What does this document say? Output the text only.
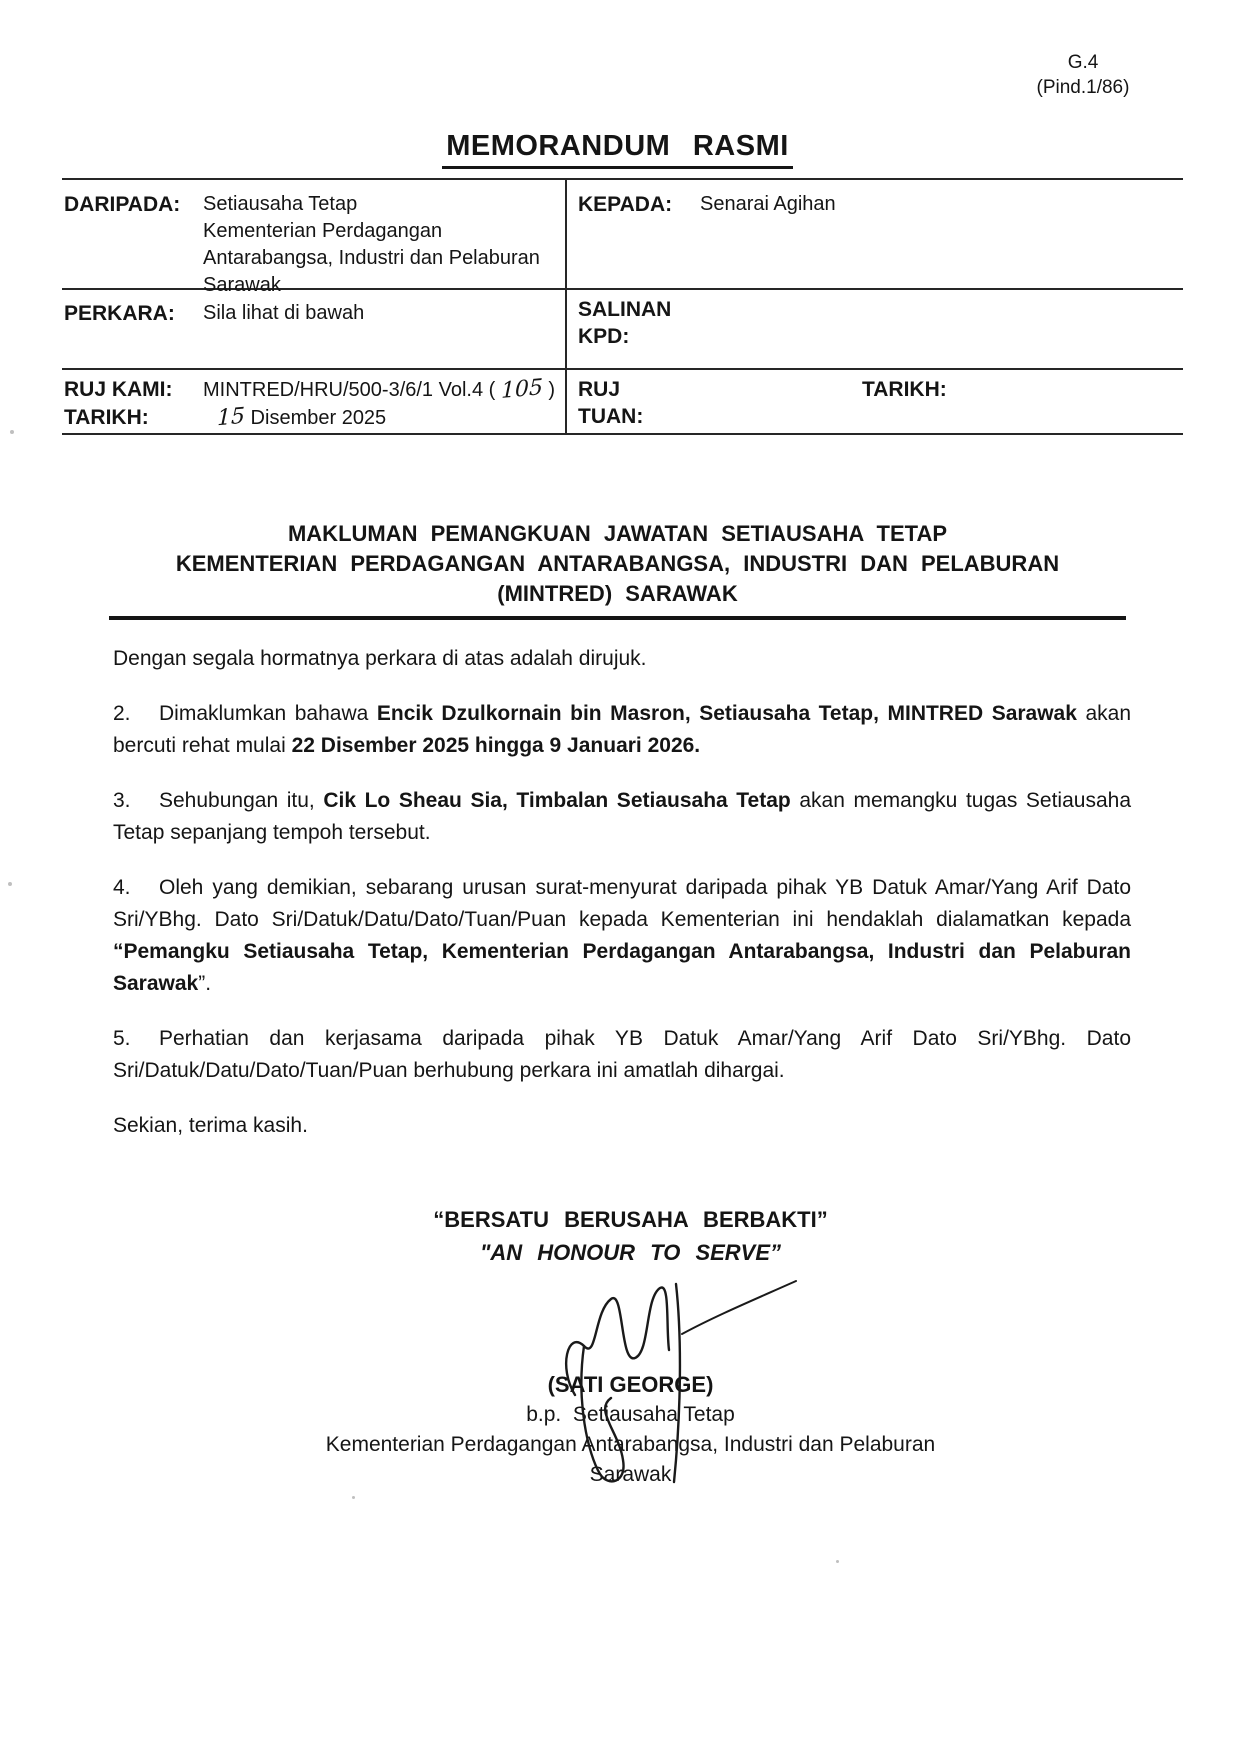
G.4
(Pind.1/86)
MEMORANDUM RASMI
DARIPADA: Setiausaha Tetap
Kementerian Perdagangan
Antarabangsa, Industri dan Pelaburan
Sarawak
KEPADA: Senarai Agihan
PERKARA: Sila lihat di bawah	SALINAN
KPD:
RUJ KAMI:
TARIKH:
MINTRED/HRU/500-3/6/1 Vol.4 ( 105 )
15 Disember 2025
RUJ
TUAN:
TARIKH:
MAKLUMAN PEMANGKUAN JAWATAN SETIAUSAHA TETAP
KEMENTERIAN PERDAGANGAN ANTARABANGSA, INDUSTRI DAN PELABURAN
(MINTRED) SARAWAK

Dengan segala hormatnya perkara di atas adalah dirujuk.

2. Dimaklumkan bahawa Encik Dzulkornain bin Masron, Setiausaha Tetap, MINTRED Sarawak akan bercuti rehat mulai 22 Disember 2025 hingga 9 Januari 2026.

3. Sehubungan itu, Cik Lo Sheau Sia, Timbalan Setiausaha Tetap akan memangku tugas Setiausaha Tetap sepanjang tempoh tersebut.

4. Oleh yang demikian, sebarang urusan surat-menyurat daripada pihak YB Datuk Amar/Yang Arif Dato Sri/YBhg. Dato Sri/Datuk/Datu/Dato/Tuan/Puan kepada Kementerian ini hendaklah dialamatkan kepada “Pemangku Setiausaha Tetap, Kementerian Perdagangan Antarabangsa, Industri dan Pelaburan Sarawak”.

5. Perhatian dan kerjasama daripada pihak YB Datuk Amar/Yang Arif Dato Sri/YBhg. Dato Sri/Datuk/Datu/Dato/Tuan/Puan berhubung perkara ini amatlah dihargai.

Sekian, terima kasih.

“BERSATU BERUSAHA BERBAKTI”
"AN HONOUR TO SERVE”
(SATI GEORGE)
b.p.  Setiausaha Tetap
Kementerian Perdagangan Antarabangsa, Industri dan Pelaburan
Sarawak
